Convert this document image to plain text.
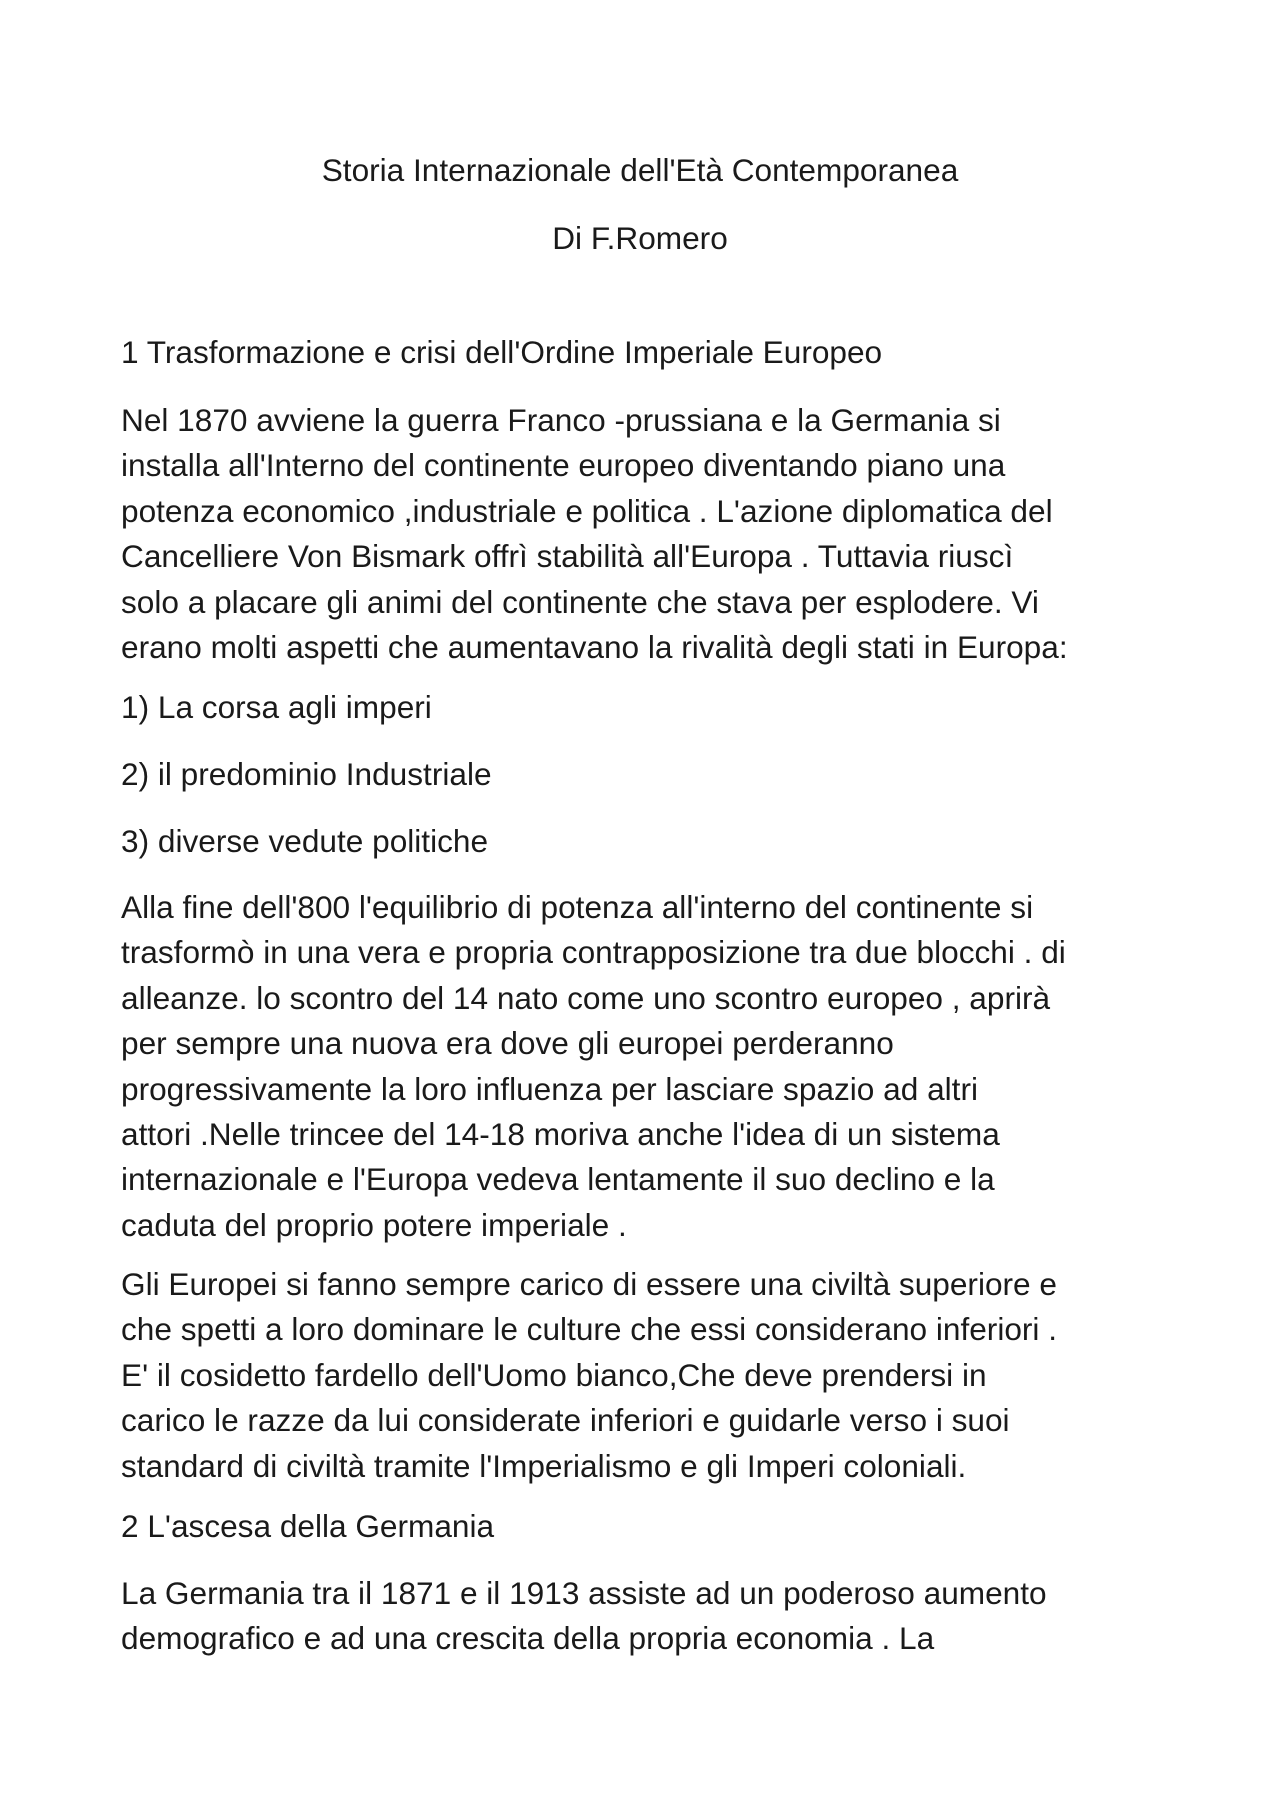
Storia Internazionale dell'Età Contemporanea
Di F.Romero

1 Trasformazione e crisi dell'Ordine Imperiale Europeo

Nel 1870 avviene la guerra Franco -prussiana e la Germania si
installa all'Interno del continente europeo diventando piano una
potenza economico ,industriale e politica . L'azione diplomatica del
Cancelliere Von Bismark offrì stabilità all'Europa . Tuttavia riuscì
solo a placare gli animi del continente che stava per esplodere. Vi
erano molti aspetti che aumentavano la rivalità degli stati in Europa:

1) La corsa agli imperi

2) il predominio Industriale

3) diverse vedute politiche

Alla fine dell'800 l'equilibrio di potenza all'interno del continente si
trasformò in una vera e propria contrapposizione tra due blocchi . di
alleanze. lo scontro del 14 nato come uno scontro europeo , aprirà
per sempre una nuova era dove gli europei perderanno
progressivamente la loro influenza per lasciare spazio ad altri
attori .Nelle trincee del 14-18 moriva anche l'idea di un sistema
internazionale e l'Europa vedeva lentamente il suo declino e la
caduta del proprio potere imperiale .

Gli Europei si fanno sempre carico di essere una civiltà superiore e
che spetti a loro dominare le culture che essi considerano inferiori .
E' il cosidetto fardello dell'Uomo bianco,Che deve prendersi in
carico le razze da lui considerate inferiori e guidarle verso i suoi
standard di civiltà tramite l'Imperialismo e gli Imperi coloniali.

2 L'ascesa della Germania

La Germania tra il 1871 e il 1913 assiste ad un poderoso aumento
demografico e ad una crescita della propria economia . La
